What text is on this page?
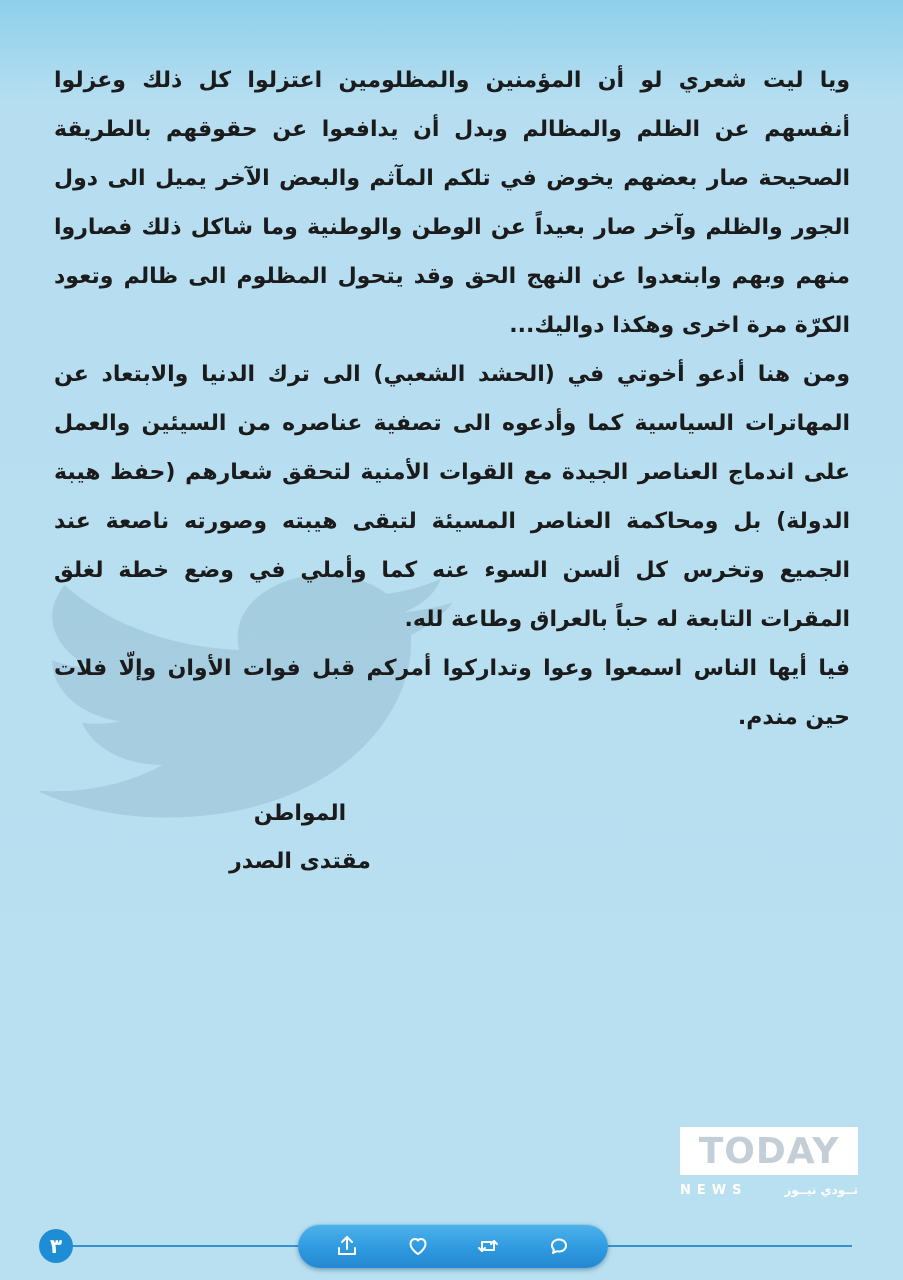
ويا ليت شعري لو أن المؤمنين والمظلومين اعتزلوا كل ذلك وعزلوا أنفسهم عن الظلم والمظالم وبدل أن يدافعوا عن حقوقهم بالطريقة الصحيحة صار بعضهم يخوض في تلكم المآثم والبعض الآخر يميل الى دول الجور والظلم وآخر صار بعيداً عن الوطن والوطنية وما شاكل ذلك فصاروا منهم وبهم وابتعدوا عن النهج الحق وقد يتحول المظلوم الى ظالم وتعود الكرّة مرة اخرى وهكذا دواليك...

ومن هنا أدعو أخوتي في (الحشد الشعبي) الى ترك الدنيا والابتعاد عن المهاترات السياسية كما وأدعوه الى تصفية عناصره من السيئين والعمل على اندماج العناصر الجيدة مع القوات الأمنية لتحقق شعارهم (حفظ هيبة الدولة) بل ومحاكمة العناصر المسيئة لتبقى هيبته وصورته ناصعة عند الجميع وتخرس كل ألسن السوء عنه كما وأملي في وضع خطة لغلق المقرات التابعة له حباً بالعراق وطاعة لله.

فيا أيها الناس اسمعوا وعوا وتداركوا أمركم قبل فوات الأوان وإلّا فلات حين مندم.

المواطن
مقتدى الصدر
TODAY
NEWS	تــودي نيــوز
٣
